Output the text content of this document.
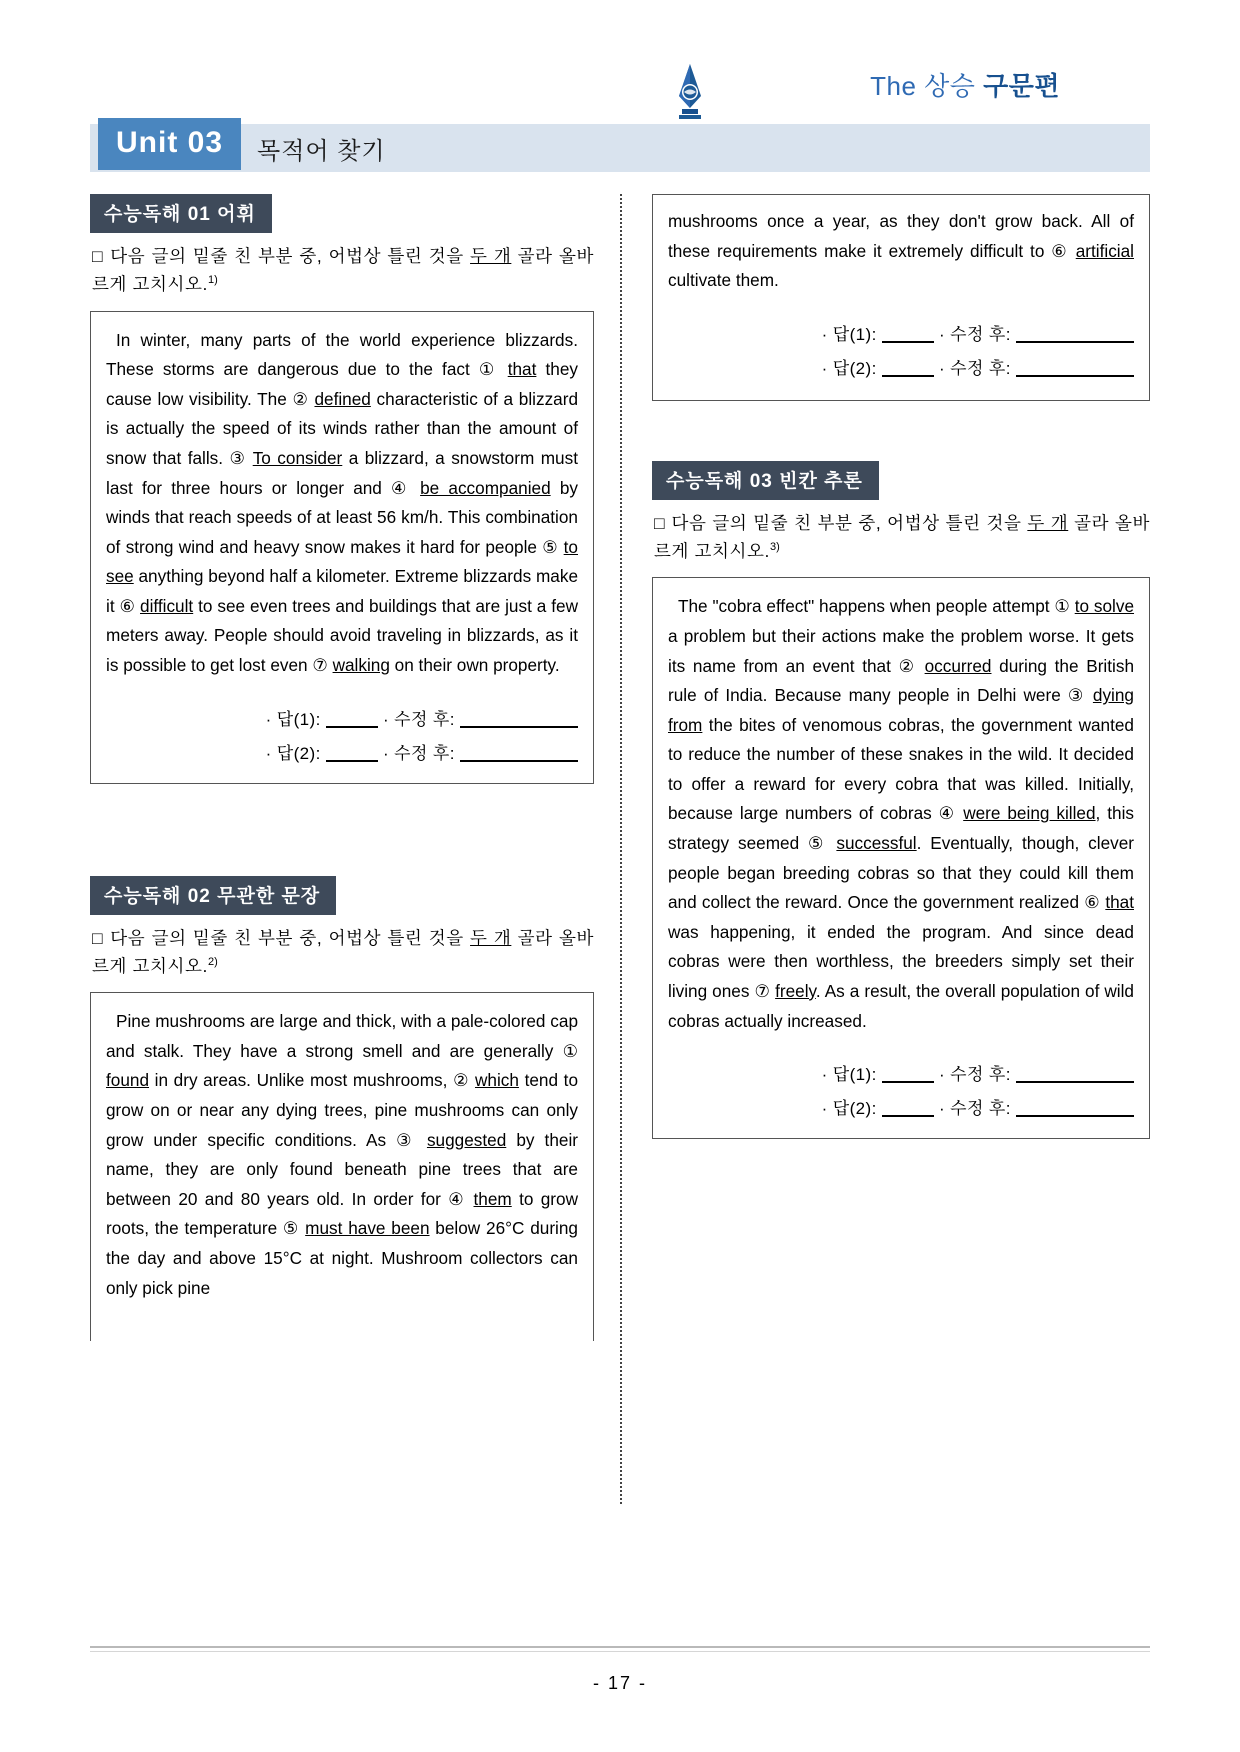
The 상승 구문편
Unit 03	목적어 찾기
수능독해 01 어휘

□ 다음 글의 밑줄 친 부분 중, 어법상 틀린 것을 두 개 골라 올바르게 고치시오.$^{1)}$

In winter, many parts of the world experience blizzards. These storms are dangerous due to the fact ① that they cause low visibility. The ② defined characteristic of a blizzard is actually the speed of its winds rather than the amount of snow that falls. ③ To consider a blizzard, a snowstorm must last for three hours or longer and ④ be accompanied by winds that reach speeds of at least 56 km/h. This combination of strong wind and heavy snow makes it hard for people ⑤ to see anything beyond half a kilometer. Extreme blizzards make it ⑥ difficult to see even trees and buildings that are just a few meters away. People should avoid traveling in blizzards, as it is possible to get lost even ⑦ walking on their own property.

· 답(1):	· 수정 후:
· 답(2):	· 수정 후:
수능독해 02 무관한 문장

□ 다음 글의 밑줄 친 부분 중, 어법상 틀린 것을 두 개 골라 올바르게 고치시오.$^{2)}$

Pine mushrooms are large and thick, with a pale-colored cap and stalk. They have a strong smell and are generally ① found in dry areas. Unlike most mushrooms, ② which tend to grow on or near any dying trees, pine mushrooms can only grow under specific conditions. As ③ suggested by their name, they are only found beneath pine trees that are between 20 and 80 years old. In order for ④ them to grow roots, the temperature ⑤ must have been below 26°C during the day and above 15°C at night. Mushroom collectors can only pick pine

mushrooms once a year, as they don't grow back. All of these requirements make it extremely difficult to ⑥ artificial cultivate them.

· 답(1):	· 수정 후:
· 답(2):	· 수정 후:
수능독해 03 빈칸 추론

□ 다음 글의 밑줄 친 부분 중, 어법상 틀린 것을 두 개 골라 올바르게 고치시오.$^{3)}$

The "cobra effect" happens when people attempt ① to solve a problem but their actions make the problem worse. It gets its name from an event that ② occurred during the British rule of India. Because many people in Delhi were ③ dying from the bites of venomous cobras, the government wanted to reduce the number of these snakes in the wild. It decided to offer a reward for every cobra that was killed. Initially, because large numbers of cobras ④ were being killed, this strategy seemed ⑤ successful. Eventually, though, clever people began breeding cobras so that they could kill them and collect the reward. Once the government realized ⑥ that was happening, it ended the program. And since dead cobras were then worthless, the breeders simply set their living ones ⑦ freely. As a result, the overall population of wild cobras actually increased.

· 답(1):	· 수정 후:
· 답(2):	· 수정 후:
- 17 -
